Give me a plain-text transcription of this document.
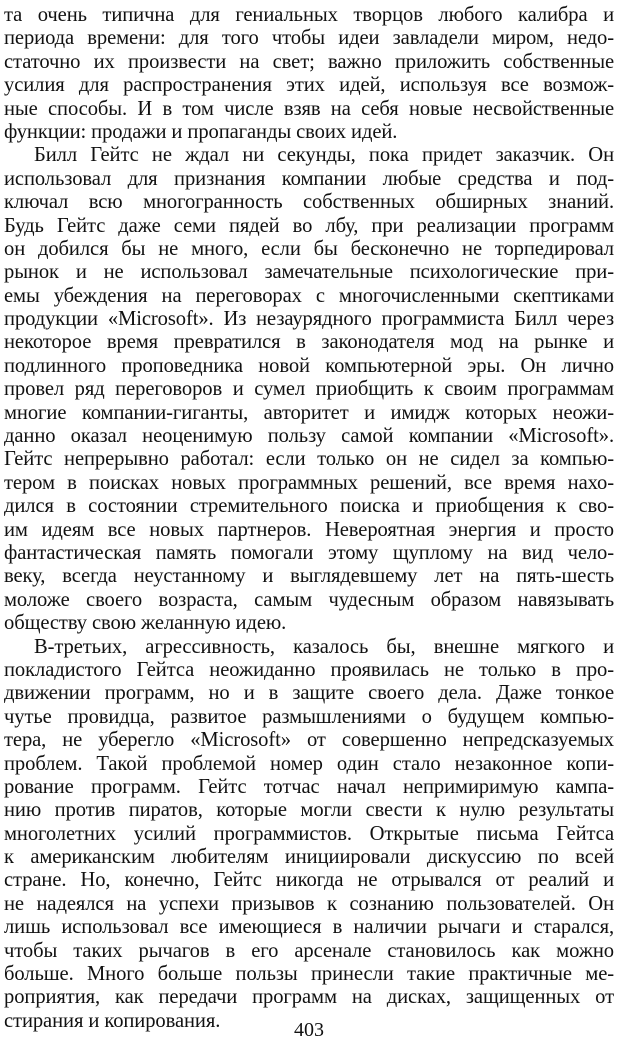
та очень типична для гениальных творцов любого калибра и
периода времени: для того чтобы идеи завладели миром, недо-
статочно их произвести на свет; важно приложить собственные
усилия для распространения этих идей, используя все возмож-
ные способы. И в том числе взяв на себя новые несвойственные
функции: продажи и пропаганды своих идей.
Билл Гейтс не ждал ни секунды, пока придет заказчик. Он
использовал для признания компании любые средства и под-
ключал всю многогранность собственных обширных знаний.
Будь Гейтс даже семи пядей во лбу, при реализации программ
он добился бы не много, если бы бесконечно не торпедировал
рынок и не использовал замечательные психологические при-
емы убеждения на переговорах с многочисленными скептиками
продукции «Microsoft». Из незаурядного программиста Билл через
некоторое время превратился в законодателя мод на рынке и
подлинного проповедника новой компьютерной эры. Он лично
провел ряд переговоров и сумел приобщить к своим программам
многие компании-гиганты, авторитет и имидж которых неожи-
данно оказал неоценимую пользу самой компании «Microsoft».
Гейтс непрерывно работал: если только он не сидел за компью-
тером в поисках новых программных решений, все время нахо-
дился в состоянии стремительного поиска и приобщения к сво-
им идеям все новых партнеров. Невероятная энергия и просто
фантастическая память помогали этому щуплому на вид чело-
веку, всегда неустанному и выглядевшему лет на пять-шесть
моложе своего возраста, самым чудесным образом навязывать
обществу свою желанную идею.
В-третьих, агрессивность, казалось бы, внешне мягкого и
покладистого Гейтса неожиданно проявилась не только в про-
движении программ, но и в защите своего дела. Даже тонкое
чутье провидца, развитое размышлениями о будущем компью-
тера, не уберегло «Microsoft» от совершенно непредсказуемых
проблем. Такой проблемой номер один стало незаконное копи-
рование программ. Гейтс тотчас начал непримиримую кампа-
нию против пиратов, которые могли свести к нулю результаты
многолетних усилий программистов. Открытые письма Гейтса
к американским любителям инициировали дискуссию по всей
стране. Но, конечно, Гейтс никогда не отрывался от реалий и
не надеялся на успехи призывов к сознанию пользователей. Он
лишь использовал все имеющиеся в наличии рычаги и старался,
чтобы таких рычагов в его арсенале становилось как можно
больше. Много больше пользы принесли такие практичные ме-
роприятия, как передачи программ на дисках, защищенных от
стирания и копирования.	403
